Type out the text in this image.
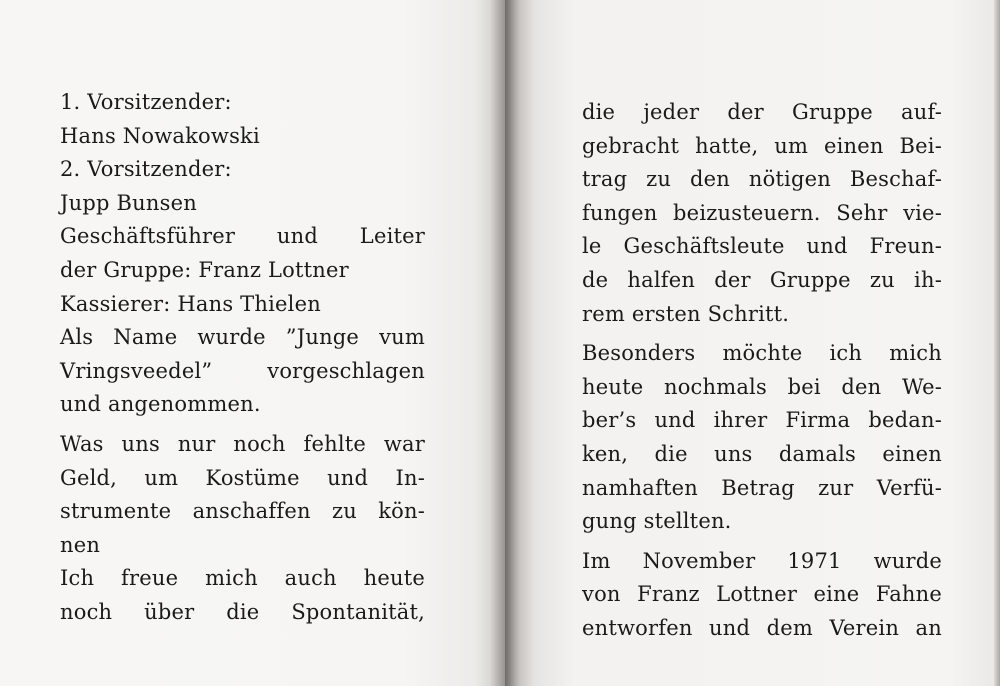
1. Vorsitzender:
Hans Nowakowski
2. Vorsitzender:
Jupp Bunsen
Geschäftsführer und Leiter
der Gruppe: Franz Lottner
Kassierer: Hans Thielen
Als Name wurde ”Junge vum
Vringsveedel” vorgeschlagen
und angenommen.
Was uns nur noch fehlte war
Geld, um Kostüme und In-
strumente anschaffen zu kön-
nen
Ich freue mich auch heute
noch über die Spontanität,
die jeder der Gruppe auf-
gebracht hatte, um einen Bei-
trag zu den nötigen Beschaf-
fungen beizusteuern. Sehr vie-
le Geschäftsleute und Freun-
de halfen der Gruppe zu ih-
rem ersten Schritt.
Besonders möchte ich mich
heute nochmals bei den We-
ber’s und ihrer Firma bedan-
ken, die uns damals einen
namhaften Betrag zur Verfü-
gung stellten.
Im November 1971 wurde
von Franz Lottner eine Fahne
entworfen und dem Verein an
